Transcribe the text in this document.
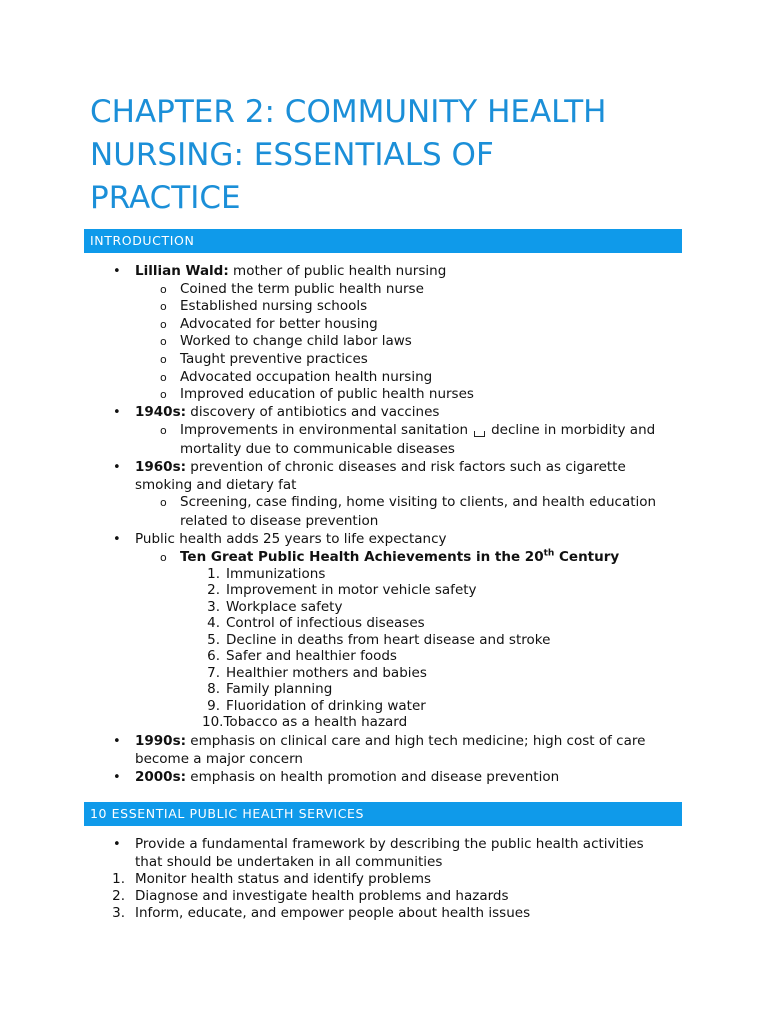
CHAPTER 2: COMMUNITY HEALTH
NURSING: ESSENTIALS OF
PRACTICE
INTRODUCTION
• Lillian Wald: mother of public health nursing
o Coined the term public health nurse
o Established nursing schools
o Advocated for better housing
o Worked to change child labor laws
o Taught preventive practices
o Advocated occupation health nursing
o Improved education of public health nurses
• 1940s: discovery of antibiotics and vaccines
o Improvements in environmental sanitation decline in morbidity and
mortality due to communicable diseases
• 1960s: prevention of chronic diseases and risk factors such as cigarette
smoking and dietary fat
o Screening, case finding, home visiting to clients, and health education
related to disease prevention
• Public health adds 25 years to life expectancy
o Ten Great Public Health Achievements in the 20th Century
1. Immunizations
2. Improvement in motor vehicle safety
3. Workplace safety
4. Control of infectious diseases
5. Decline in deaths from heart disease and stroke
6. Safer and healthier foods
7. Healthier mothers and babies
8. Family planning
9. Fluoridation of drinking water
10.Tobacco as a health hazard
• 1990s: emphasis on clinical care and high tech medicine; high cost of care
become a major concern
• 2000s: emphasis on health promotion and disease prevention
10 ESSENTIAL PUBLIC HEALTH SERVICES
• Provide a fundamental framework by describing the public health activities
that should be undertaken in all communities
1. Monitor health status and identify problems
2. Diagnose and investigate health problems and hazards
3. Inform, educate, and empower people about health issues
